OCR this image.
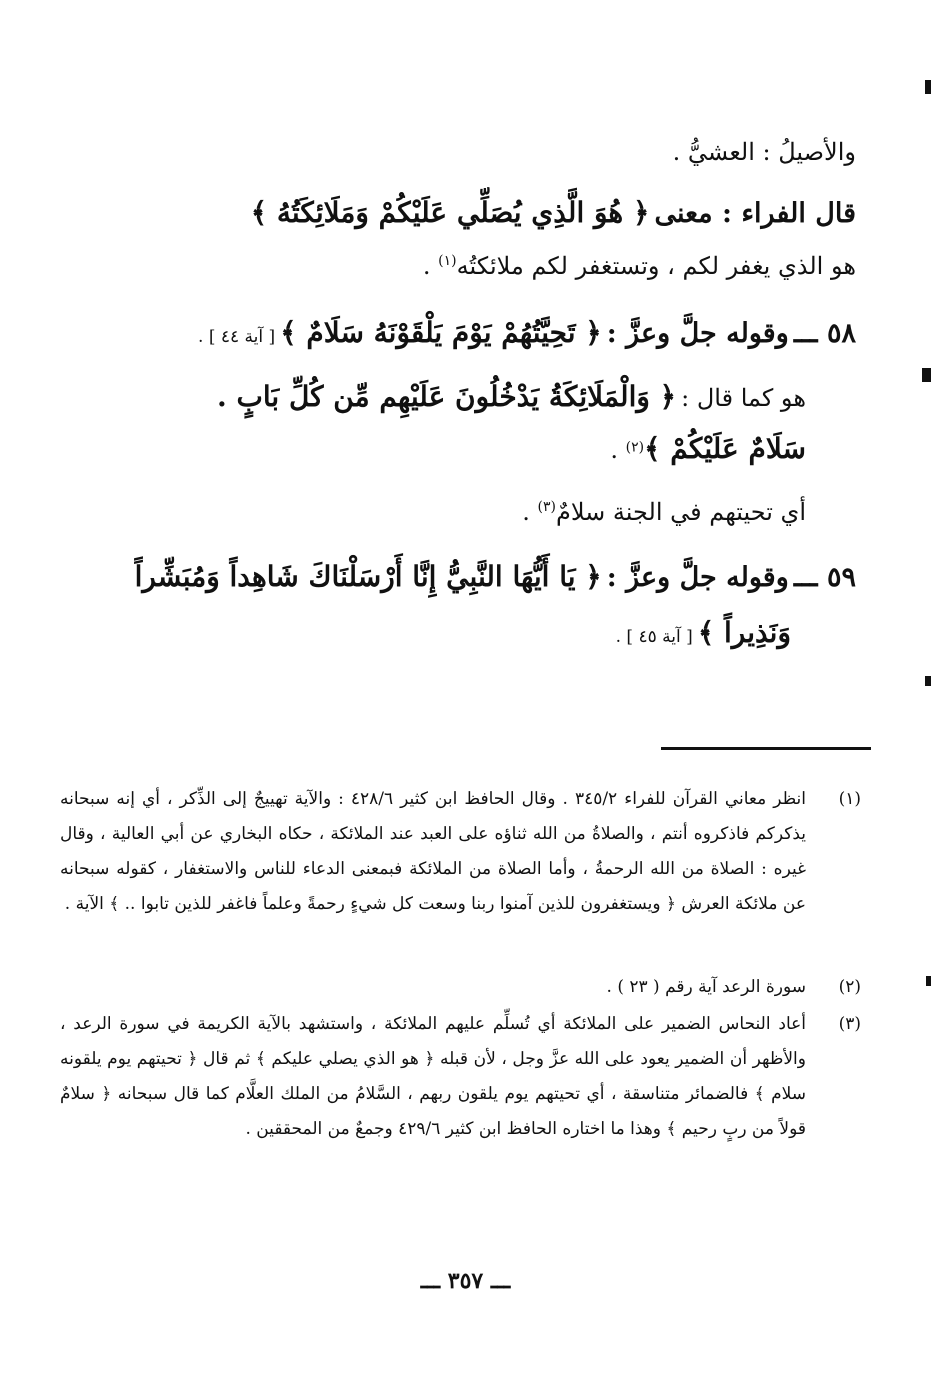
والأصيلُ : العشيُّ .
قال الفراء : معنى ﴿ هُوَ الَّذِي يُصَلِّي عَلَيْكُمْ وَمَلَائِكَتُهُ ﴾
هو الذي يغفر لكم ، وتستغفر لكم ملائكتُه$^{(١)}$ .
٥٨ ـــ وقوله جلَّ وعزَّ : ﴿ تَحِيَّتُهُمْ يَوْمَ يَلْقَوْنَهُ سَلَامٌ ﴾ [ آية ٤٤ ] .
هو كما قال : ﴿ وَالْمَلَائِكَةُ يَدْخُلُونَ عَلَيْهِم مِّن كُلِّ بَابٍ .
سَلَامٌ عَلَيْكُمْ ﴾(٢) .
أي تحيتهم في الجنة سلامٌ$^{(٣)}$ .
٥٩ ـــ وقوله جلَّ وعزَّ : ﴿ يَا أَيُّهَا النَّبِيُّ إِنَّا أَرْسَلْنَاكَ شَاهِداً وَمُبَشِّراً
وَنَذِيراً ﴾ [ آية ٤٥ ] .
(١)
انظر معاني القرآن للفراء ٣٤٥/٢ . وقال الحافظ ابن كثير ٤٢٨/٦ : والآية تهييجٌ إلى الذِّكر ، أي إنه سبحانه يذكركم فاذكروه أنتم ، والصلاةُ من الله ثناؤه على العبد عند الملائكة ، حكاه البخاري عن أبي العالية ، وقال غيره : الصلاة من الله الرحمةُ ، وأما الصلاة من الملائكة فبمعنى الدعاء للناس والاستغفار ، كقوله سبحانه عن ملائكة العرش ﴿ ويستغفرون للذين آمنوا ربنا وسعت كل شيءٍ رحمةً وعلماً فاغفر للذين تابوا .. ﴾ الآية .
(٢)
سورة الرعد آية رقم ( ٢٣ ) .
(٣)
أعاد النحاس الضمير على الملائكة أي تُسلِّم عليهم الملائكة ، واستشهد بالآية الكريمة في سورة الرعد ، والأظهر أن الضمير يعود على الله عزَّ وجل ، لأن قبله ﴿ هو الذي يصلي عليكم ﴾ ثم قال ﴿ تحيتهم يوم يلقونه سلام ﴾ فالضمائر متناسقة ، أي تحيتهم يوم يلقون ربهم ، السَّلامُ من الملك العلَّام كما قال سبحانه ﴿ سلامٌ قولاً من ربٍ رحيم ﴾ وهذا ما اختاره الحافظ ابن كثير ٤٢٩/٦ وجمعٌ من المحققين .
ـــ ٣٥٧ ـــ
